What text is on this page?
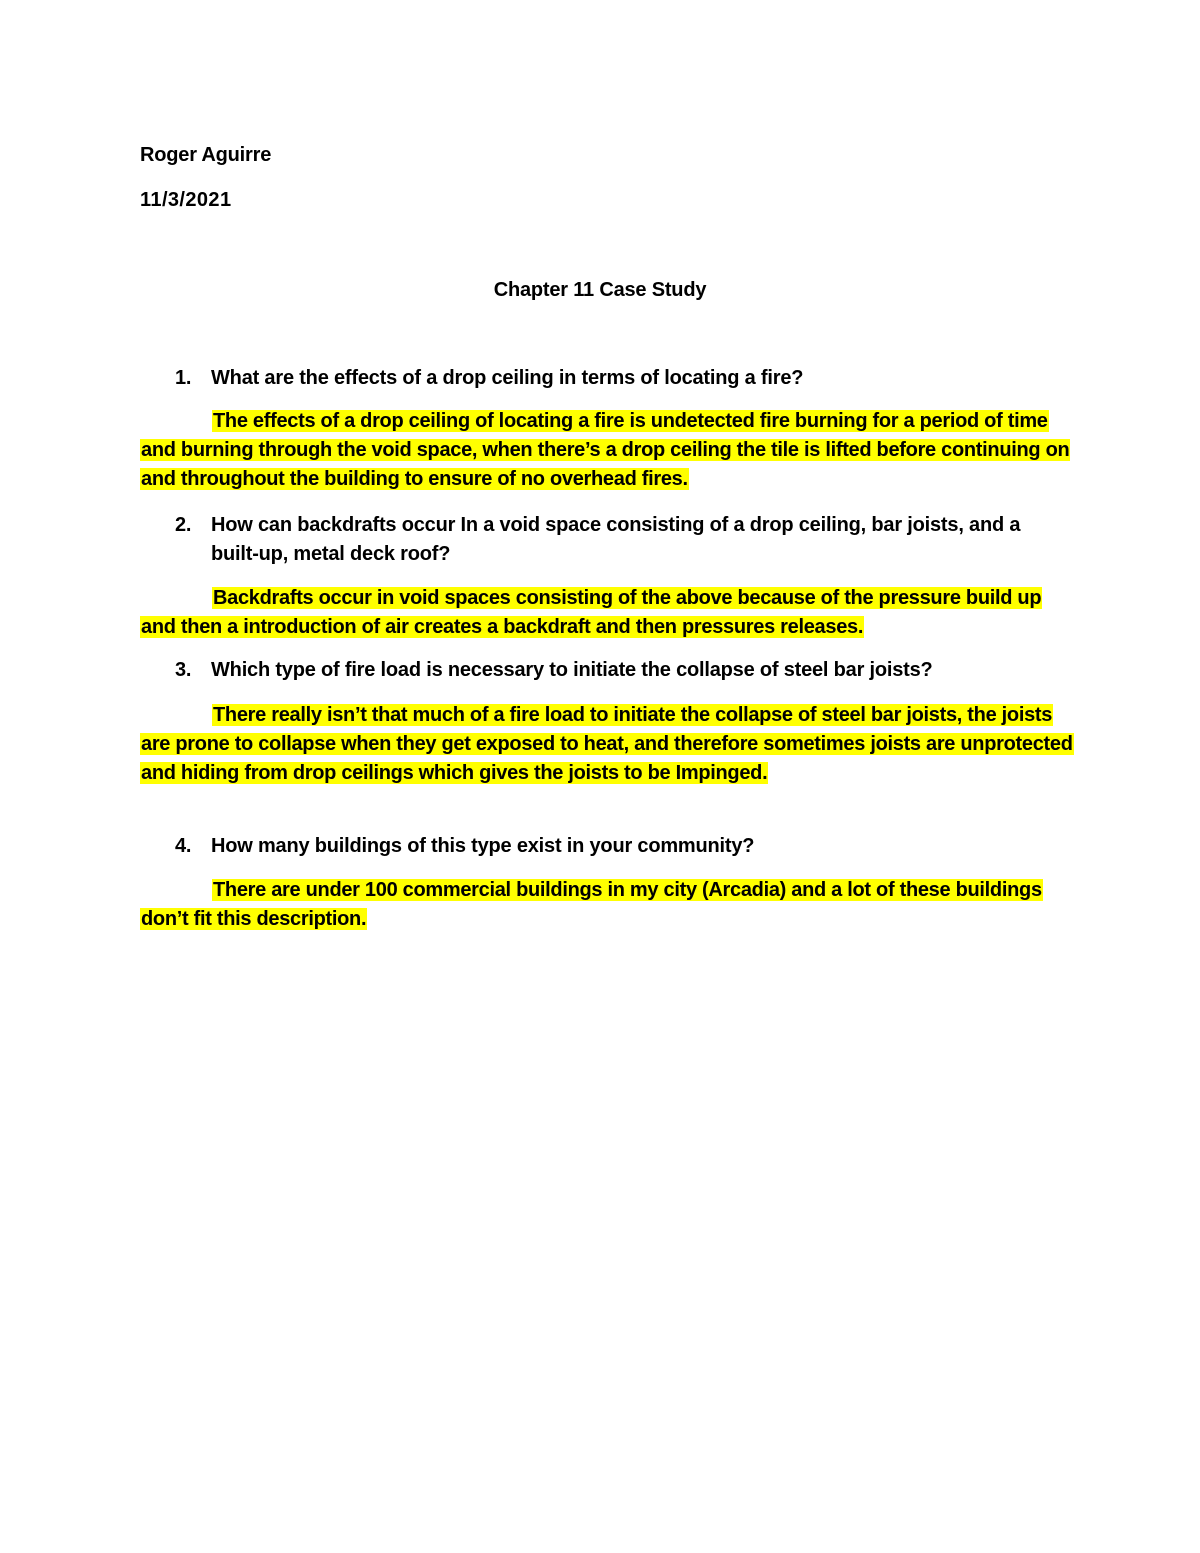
Roger Aguirre
11/3/2021
Chapter 11 Case Study
1. What are the effects of a drop ceiling in terms of locating a fire?
The effects of a drop ceiling of locating a fire is undetected fire burning for a period of time and burning through the void space, when there’s a drop ceiling the tile is lifted before continuing on and throughout the building to ensure of no overhead fires.
2. How can backdrafts occur In a void space consisting of a drop ceiling, bar joists, and a built-up, metal deck roof?
Backdrafts occur in void spaces consisting of the above because of the pressure build up and then a introduction of air creates a backdraft and then pressures releases.
3. Which type of fire load is necessary to initiate the collapse of steel bar joists?
There really isn’t that much of a fire load to initiate the collapse of steel bar joists, the joists are prone to collapse when they get exposed to heat, and therefore sometimes joists are unprotected and hiding from drop ceilings which gives the joists to be Impinged.
4. How many buildings of this type exist in your community?
There are under 100 commercial buildings in my city (Arcadia) and a lot of these buildings don’t fit this description.
